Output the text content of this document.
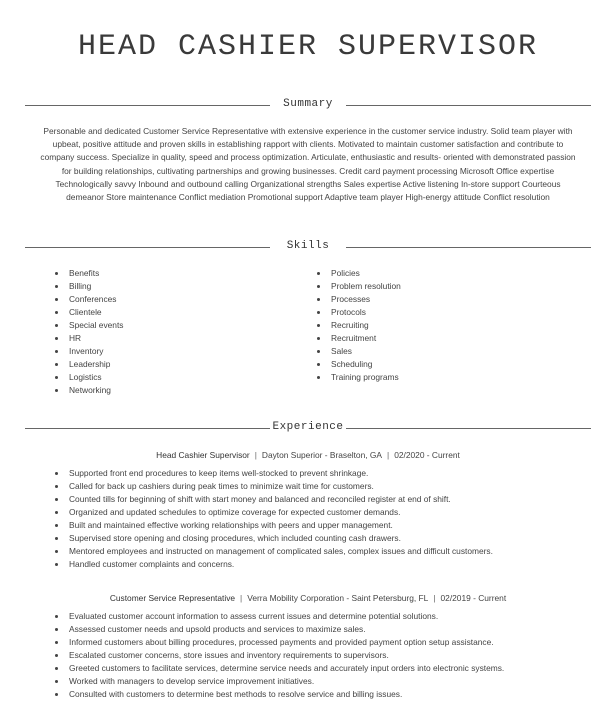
HEAD CASHIER SUPERVISOR
Summary
Personable and dedicated Customer Service Representative with extensive experience in the customer service industry. Solid team player with upbeat, positive attitude and proven skills in establishing rapport with clients. Motivated to maintain customer satisfaction and contribute to company success. Specialize in quality, speed and process optimization. Articulate, enthusiastic and results- oriented with demonstrated passion for building relationships, cultivating partnerships and growing businesses. Credit card payment processing Microsoft Office expertise Technologically savvy Inbound and outbound calling Organizational strengths Sales expertise Active listening In-store support Courteous demeanor Store maintenance Conflict mediation Promotional support Adaptive team player High-energy attitude Conflict resolution
Skills
Benefits
Billing
Conferences
Clientele
Special events
HR
Inventory
Leadership
Logistics
Networking
Policies
Problem resolution
Processes
Protocols
Recruiting
Recruitment
Sales
Scheduling
Training programs
Experience
Head Cashier Supervisor | Dayton Superior - Braselton, GA | 02/2020 - Current
Supported front end procedures to keep items well-stocked to prevent shrinkage.
Called for back up cashiers during peak times to minimize wait time for customers.
Counted tills for beginning of shift with start money and balanced and reconciled register at end of shift.
Organized and updated schedules to optimize coverage for expected customer demands.
Built and maintained effective working relationships with peers and upper management.
Supervised store opening and closing procedures, which included counting cash drawers.
Mentored employees and instructed on management of complicated sales, complex issues and difficult customers.
Handled customer complaints and concerns.
Customer Service Representative | Verra Mobility Corporation - Saint Petersburg, FL | 02/2019 - Current
Evaluated customer account information to assess current issues and determine potential solutions.
Assessed customer needs and upsold products and services to maximize sales.
Informed customers about billing procedures, processed payments and provided payment option setup assistance.
Escalated customer concerns, store issues and inventory requirements to supervisors.
Greeted customers to facilitate services, determine service needs and accurately input orders into electronic systems.
Worked with managers to develop service improvement initiatives.
Consulted with customers to determine best methods to resolve service and billing issues.
